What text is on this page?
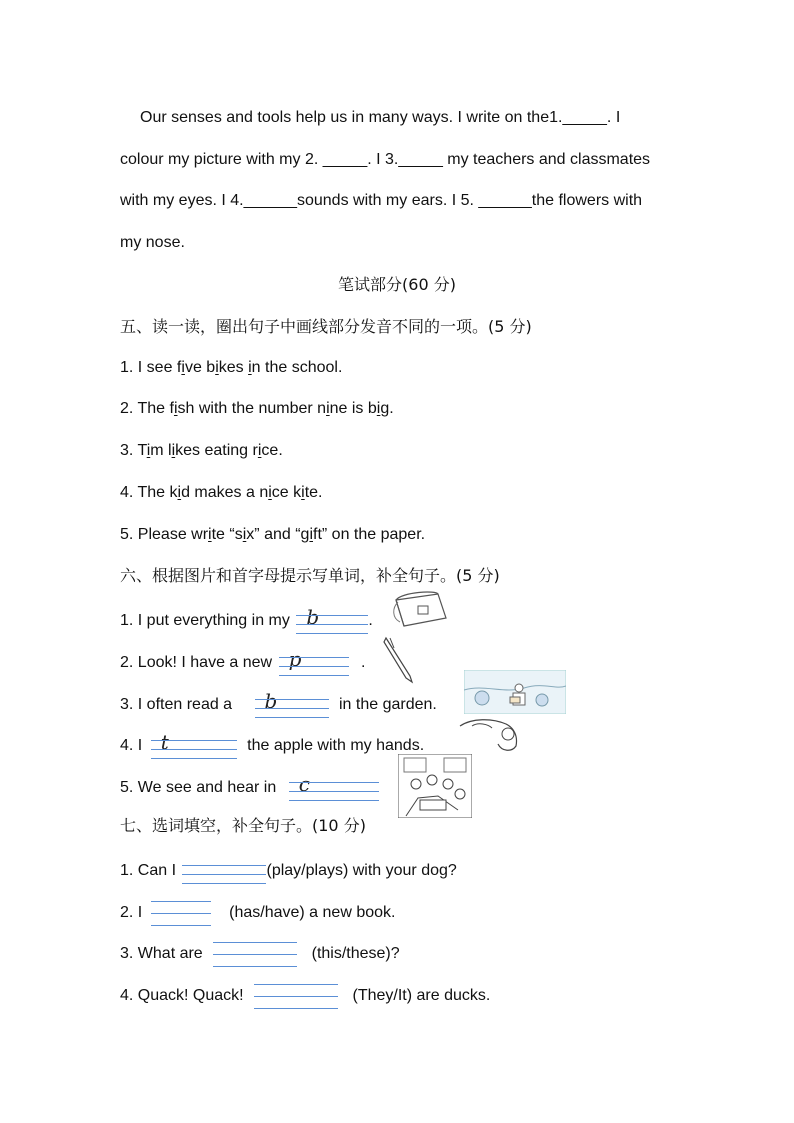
Our senses and tools help us in many ways. I write on the1._____. I
colour my picture with my 2. _____. I 3._____ my teachers and classmates
with my eyes. I 4.______sounds with my ears. I 5. ______the flowers with
my nose.
笔试部分(60 分)
五、读一读，圈出句子中画线部分发音不同的一项。(5 分)
1. I see five bikes in the school.
2. The fish with the number nine is big.
3. Tim likes eating rice.
4. The kid makes a nice kite.
5. Please write “six” and “gift” on the paper.
六、根据图片和首字母提示写单词，补全句子。(5 分)
1. I put everything in my b	.
2. Look! I have a new p	.
3. I often read a b	in the garden.
4. I t	the apple with my hands.
5. We see and hear in c
七、选词填空，补全句子。(10 分)
1. Can I	(play/plays) with your dog?
2. I	(has/have) a new book.
3. What are	(this/these)?
4. Quack! Quack!	(They/It) are ducks.
